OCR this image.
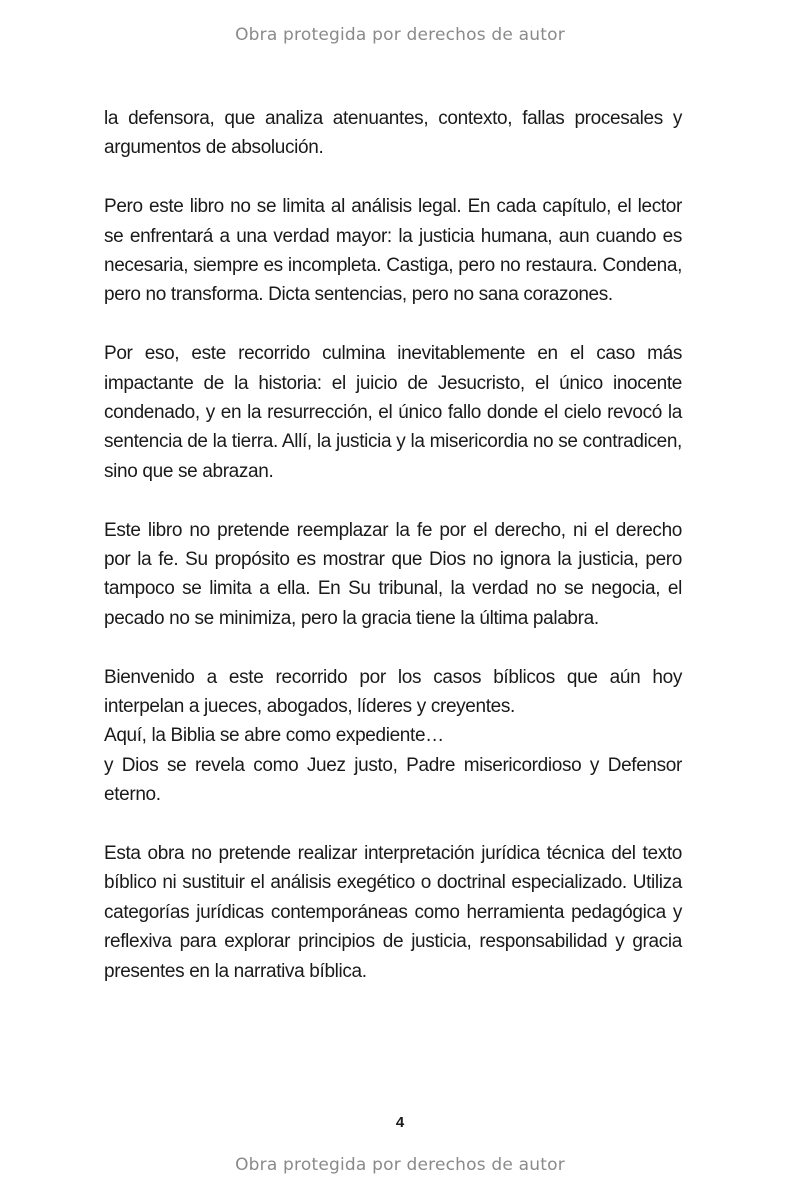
Obra protegida por derechos de autor

la defensora, que analiza atenuantes, contexto, fallas procesales y argumentos de absolución.

Pero este libro no se limita al análisis legal. En cada capítulo, el lector se enfrentará a una verdad mayor: la justicia humana, aun cuando es necesaria, siempre es incompleta. Castiga, pero no restaura. Condena, pero no transforma. Dicta sentencias, pero no sana corazones.

Por eso, este recorrido culmina inevitablemente en el caso más impactante de la historia: el juicio de Jesucristo, el único inocente condenado, y en la resurrección, el único fallo donde el cielo revocó la sentencia de la tierra. Allí, la justicia y la misericordia no se contradicen, sino que se abrazan.

Este libro no pretende reemplazar la fe por el derecho, ni el derecho por la fe. Su propósito es mostrar que Dios no ignora la justicia, pero tampoco se limita a ella. En Su tribunal, la verdad no se negocia, el pecado no se minimiza, pero la gracia tiene la última palabra.

Bienvenido a este recorrido por los casos bíblicos que aún hoy interpelan a jueces, abogados, líderes y creyentes.
Aquí, la Biblia se abre como expediente…
y Dios se revela como Juez justo, Padre misericordioso y Defensor eterno.

Esta obra no pretende realizar interpretación jurídica técnica del texto bíblico ni sustituir el análisis exegético o doctrinal especializado. Utiliza categorías jurídicas contemporáneas como herramienta pedagógica y reflexiva para explorar principios de justicia, responsabilidad y gracia presentes en la narrativa bíblica.

4
Obra protegida por derechos de autor
